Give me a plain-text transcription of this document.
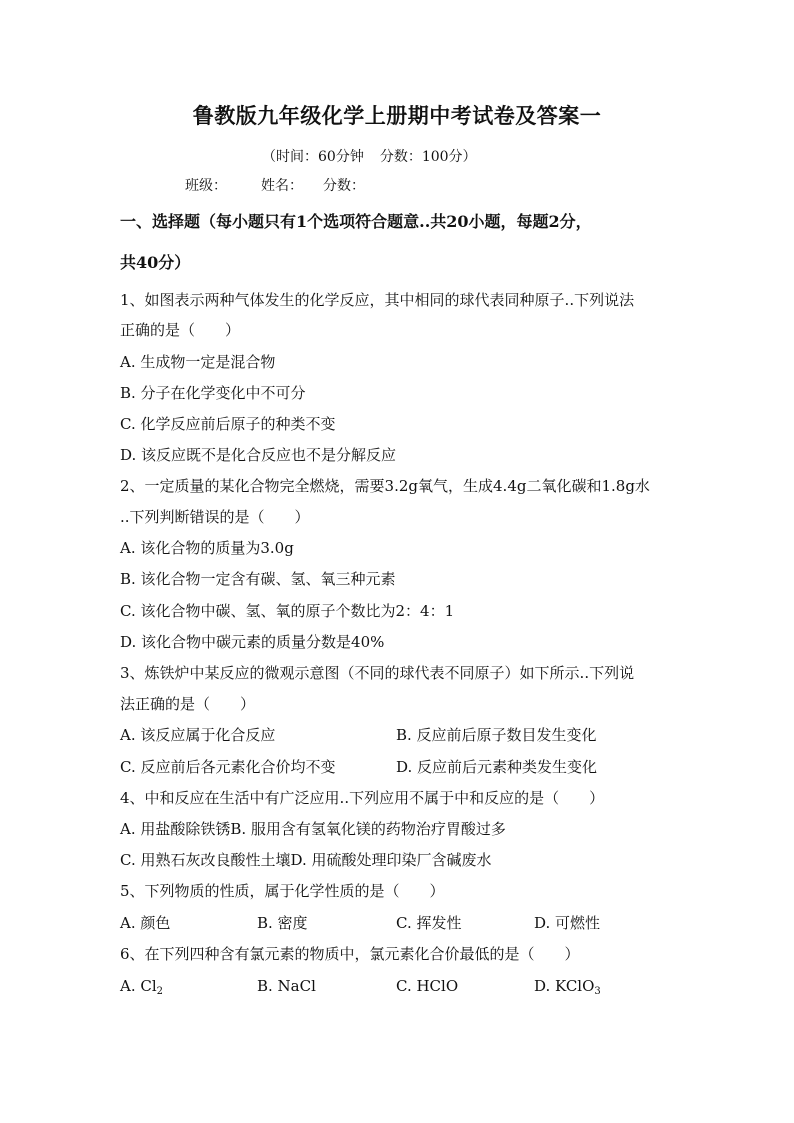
鲁教版九年级化学上册期中考试卷及答案一
（时间：60分钟 分数：100分）
班级： 姓名： 分数：
一、选择题（每小题只有1个选项符合题意..共20小题，每题2分，
共40分）
1、如图表示两种气体发生的化学反应，其中相同的球代表同种原子..下列说法
正确的是（　　）
A. 生成物一定是混合物
B. 分子在化学变化中不可分
C. 化学反应前后原子的种类不变
D. 该反应既不是化合反应也不是分解反应
2、一定质量的某化合物完全燃烧，需要3.2g氧气，生成4.4g二氧化碳和1.8g水
..下列判断错误的是（　　）
A. 该化合物的质量为3.0g
B. 该化合物一定含有碳、氢、氧三种元素
C. 该化合物中碳、氢、氧的原子个数比为2：4：1
D. 该化合物中碳元素的质量分数是40%
3、炼铁炉中某反应的微观示意图（不同的球代表不同原子）如下所示..下列说
法正确的是（　　）
A. 该反应属于化合反应	B. 反应前后原子数目发生变化
C. 反应前后各元素化合价均不变	D. 反应前后元素种类发生变化
4、中和反应在生活中有广泛应用..下列应用不属于中和反应的是（　　）
A. 用盐酸除铁锈B. 服用含有氢氧化镁的药物治疗胃酸过多
C. 用熟石灰改良酸性土壤D. 用硫酸处理印染厂含碱废水
5、下列物质的性质，属于化学性质的是（　　）
A. 颜色	B. 密度	C. 挥发性	D. 可燃性
6、在下列四种含有氯元素的物质中，氯元素化合价最低的是（　　）
A. $Cl_2$	B. NaCl	C. HClO	D. KClO$_3$
